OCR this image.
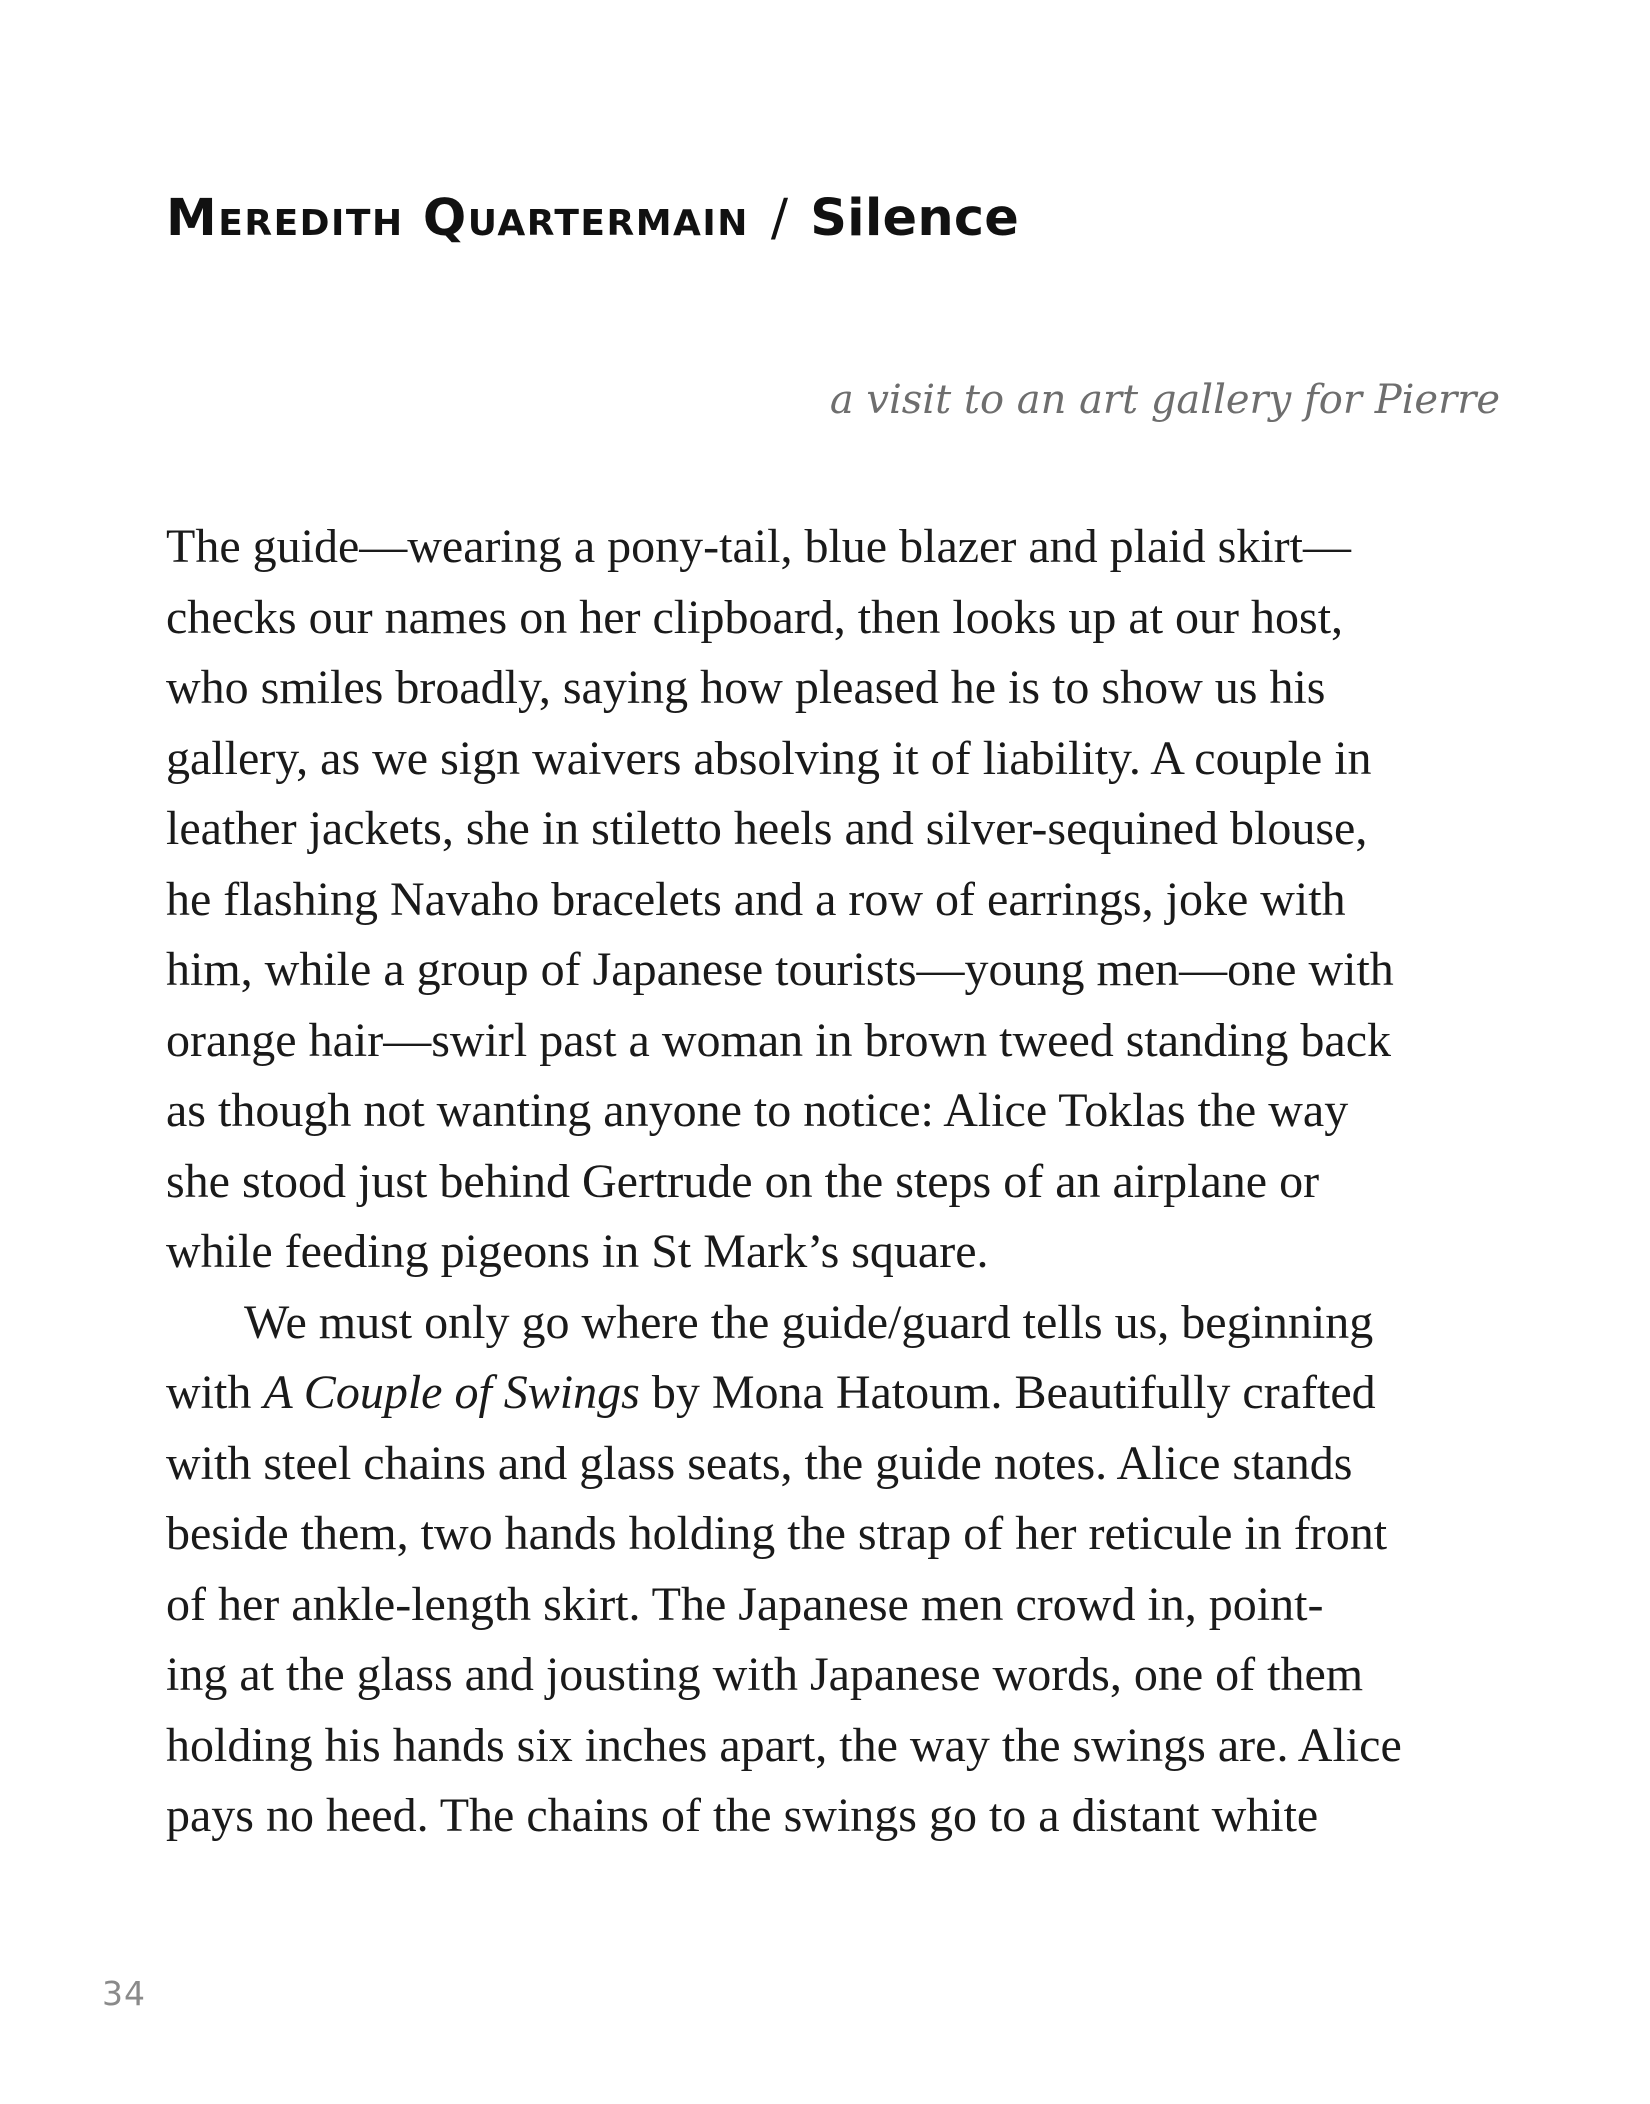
Meredith Quartermain / Silence

a visit to an art gallery for Pierre

The guide—wearing a pony-tail, blue blazer and plaid skirt—
checks our names on her clipboard, then looks up at our host,
who smiles broadly, saying how pleased he is to show us his
gallery, as we sign waivers absolving it of liability. A couple in
leather jackets, she in stiletto heels and silver-sequined blouse,
he flashing Navaho bracelets and a row of earrings, joke with
him, while a group of Japanese tourists—young men—one with
orange hair—swirl past a woman in brown tweed standing back
as though not wanting anyone to notice: Alice Toklas the way
she stood just behind Gertrude on the steps of an airplane or
while feeding pigeons in St Mark’s square.
We must only go where the guide/guard tells us, beginning
with A Couple of Swings by Mona Hatoum. Beautifully crafted
with steel chains and glass seats, the guide notes. Alice stands
beside them, two hands holding the strap of her reticule in front
of her ankle-length skirt. The Japanese men crowd in, point-
ing at the glass and jousting with Japanese words, one of them
holding his hands six inches apart, the way the swings are. Alice
pays no heed. The chains of the swings go to a distant white
34
